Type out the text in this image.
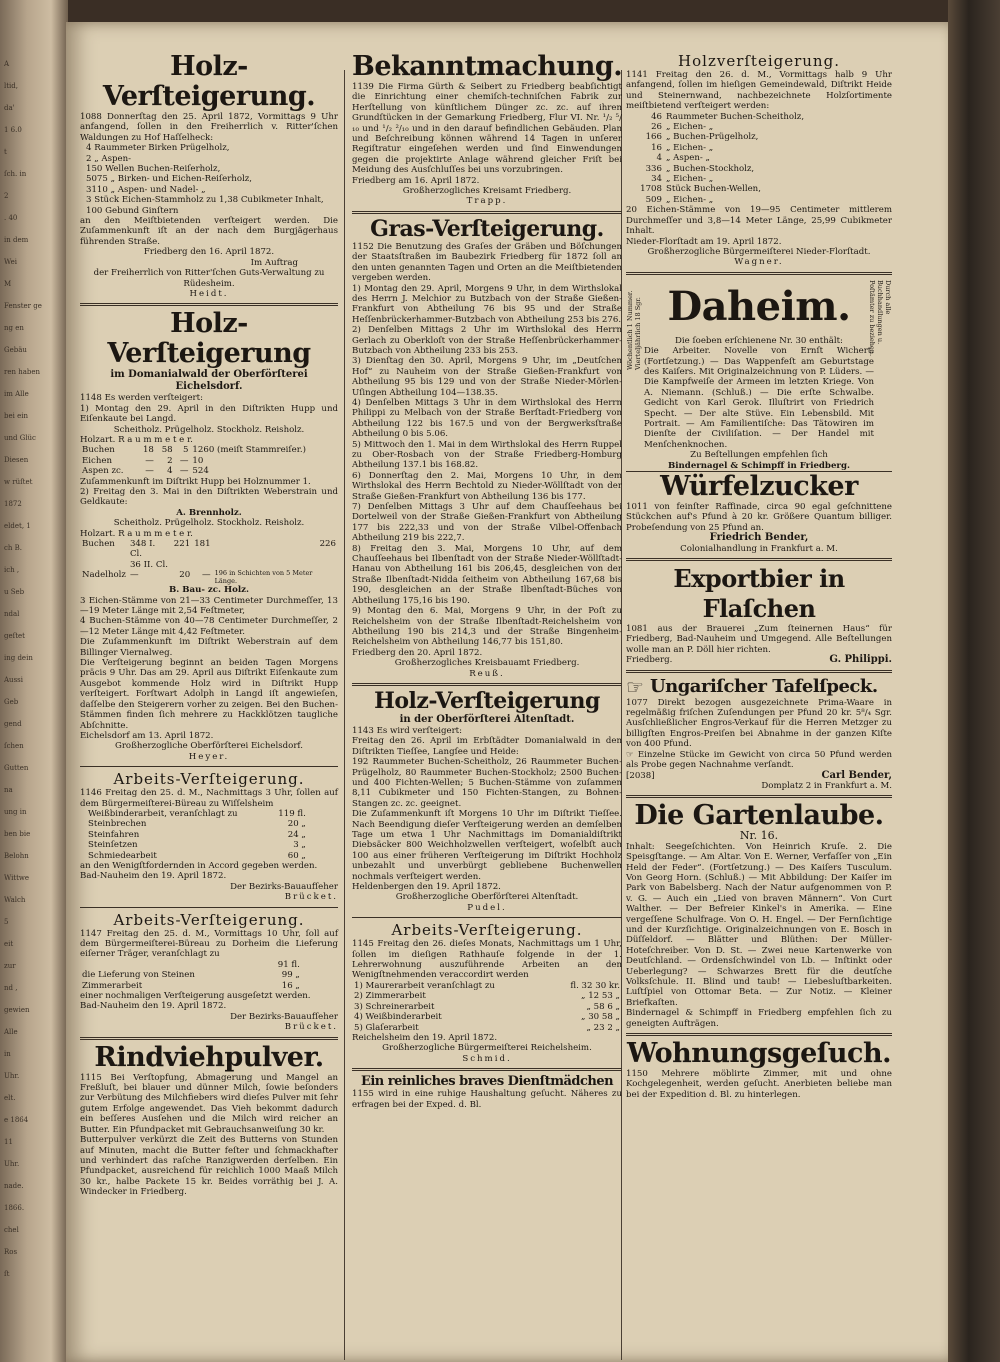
Ä
ltid,
da'
1 6.0
t
ſch. in
2
. 40
in dem
Wei
M
Fenster ge
ng en
Gebäu
ren haben
im Alle
bei ein
und Glüc
Diesen
w rüſtet
1872
eldet, 1
ch B.
ich ,
u Seb
ndal
geſtet
ing dein
Aussi
Geb
gend
ſchen
Gutten
na
ung in
ben bie
Belohn
Wittwe
Walch
5
eit
zur
nd ,
gewien
Alle
in
Uhr.
elt.
e 1864
11
Uhr.
nade.
1866.
chel
Ros
ſt
Holz-Verſteigerung.

1088 Donnerſtag den 25. April 1872, Vormittags 9 Uhr anfangend, ſollen in den Freiherrlich v. Ritter'ſchen Waldungen zu Hof Haſſelheck:

4 Raummeter Birken Prügelholz,
2 „ Aspen-
150 Wellen Buchen-Reiſerholz,
5075 „ Birken- und Eichen-Reiſerholz,
3110 „ Aspen- und Nadel- „
3 Stück Eichen-Stammholz zu 1,38 Cubikmeter Inhalt,
100 Gebund Ginſtern

an den Meiſtbietenden verſteigert werden. Die Zuſammenkunft iſt an der nach dem Burgjägerhaus führenden Straße.

Friedberg den 16. April 1872.
Im Auftrag
der Freiherrlich von Ritter'ſchen Guts-Verwaltung zu Rüdesheim.
Heidt.
Holz-Verſteigerung
im Domanialwald der Oberförſterei Eichelsdorf.

1148 Es werden verſteigert:

1) Montag den 29. April in den Diſtrikten Hupp und Eiſenkaute bei Langd.

Scheitholz. Prügelholz. Stockholz. Reisholz.
Holzart. R a u m m e t e r.
Buchen	18	58	5	1260 (meiſt Stammreiſer.)
Eichen	—	2	—	10
Aspen zc.	—	4	—	524

Zuſammenkunft im Diſtrikt Hupp bei Holznummer 1.

2) Freitag den 3. Mai in den Diſtrikten Weberstrain und Geldkaute:

A. Brennholz.
Scheitholz. Prügelholz. Stockholz. Reisholz.
Holzart. R a u m m e t e r.
Buchen	348 I. Cl.	221	181	226
	36 II. Cl.			
Nadelholz	—	20	—	196 in Schichten von 5 Meter Länge.
B. Bau- zc. Holz.

3 Eichen-Stämme von 21—33 Centimeter Durchmeſſer, 13—19 Meter Länge mit 2,54 Feſtmeter,

4 Buchen-Stämme von 40—78 Centimeter Durchmeſſer, 2—12 Meter Länge mit 4,42 Feſtmeter.

Die Zuſammenkunft im Diſtrikt Weberstrain auf dem Billinger Viernalweg.

Die Verſteigerung beginnt an beiden Tagen Morgens präcis 9 Uhr. Das am 29. April aus Diſtrikt Eiſenkaute zum Ausgebot kommende Holz wird in Diſtrikt Hupp verſteigert. Forſtwart Adolph in Langd iſt angewieſen, daſſelbe den Steigerern vorher zu zeigen. Bei den Buchen-Stämmen finden ſich mehrere zu Hackklötzen taugliche Abſchnitte.

Eichelsdorf am 13. April 1872.
Großherzogliche Oberförſterei Eichelsdorf.
Heyer.
Arbeits-Verſteigerung.

1146 Freitag den 25. d. M., Nachmittags 3 Uhr, ſollen auf dem Bürgermeiſterei-Büreau zu Wiſſelsheim

Weißbinderarbeit, veranſchlagt zu	119 fl.
Steinbrechen	20 „
Steinfahren	24 „
Steinſetzen	3 „
Schmiedearbeit	60 „

an den Wenigſtfordernden in Accord gegeben werden.

Bad-Nauheim den 19. April 1872.
Der Bezirks-Bauaufſeher
Brücket.
Arbeits-Verſteigerung.

1147 Freitag den 25. d. M., Vormittags 10 Uhr, ſoll auf dem Bürgermeiſterei-Büreau zu Dorheim die Lieferung eiſerner Träger, veranſchlagt zu

	91 fl.
die Lieferung von Steinen	99 „
Zimmerarbeit	16 „

einer nochmaligen Verſteigerung ausgeſetzt werden.

Bad-Nauheim den 19. April 1872.
Der Bezirks-Bauaufſeher
Brücket.
Rindviehpulver.

1115 Bei Verſtopfung, Abmagerung und Mangel an Freßluſt, bei blauer und dünner Milch, ſowie beſonders zur Verbütung des Milchfiebers wird dieſes Pulver mit ſehr gutem Erfolge angewendet. Das Vieh bekommt dadurch ein beſſeres Ausſehen und die Milch wird reicher an Butter. Ein Pfundpacket mit Gebrauchsanweiſung 30 kr.

Butterpulver verkürzt die Zeit des Butterns von Stunden auf Minuten, macht die Butter feſter und ſchmackhafter und verhindert das raſche Ranzigwerden derſelben. Ein Pfundpacket, ausreichend für reichlich 1000 Maaß Milch 30 kr., halbe Packete 15 kr. Beides vorräthig bei J. A. Windecker in Friedberg.

Bekanntmachung.

1139 Die Firma Gürth & Seibert zu Friedberg beabſichtigt die Einrichtung einer chemiſch-techniſchen Fabrik zur Herſtellung von künſtlichem Dünger zc. zc. auf ihren Grundſtücken in der Gemarkung Friedberg, Flur VI. Nr. ¹/₂ ⁵/₁₀ und ¹/₂ ²/₁₀ und in den darauf befindlichen Gebäuden. Plan und Beſchreibung können während 14 Tagen in unſerer Regiſtratur eingeſehen werden und ſind Einwendungen gegen die projektirte Anlage während gleicher Friſt bei Meidung des Ausſchluſſes bei uns vorzubringen.

Friedberg am 16. April 1872.
Großherzogliches Kreisamt Friedberg.
Trapp.
Gras-Verſteigerung.

1152 Die Benutzung des Graſes der Gräben und Böſchungen der Staatsſtraßen im Baubezirk Friedberg für 1872 ſoll an den unten genannten Tagen und Orten an die Meiſtbietenden vergeben werden.

1) Montag den 29. April, Morgens 9 Uhr, in dem Wirthslokal des Herrn J. Melchior zu Butzbach von der Straße Gießen-Frankfurt von Abtheilung 76 bis 95 und der Straße Heſſenbrückerhammer-Butzbach von Abtheilung 253 bis 276.

2) Denſelben Mittags 2 Uhr im Wirthslokal des Herrn Gerlach zu Oberkloſt von der Straße Heſſenbrückerhammer-Butzbach von Abtheilung 233 bis 253.

3) Dienſtag den 30. April, Morgens 9 Uhr, im „Deutſchen Hof“ zu Nauheim von der Straße Gießen-Frankfurt von Abtheilung 95 bis 129 und von der Straße Nieder-Mörlen-Uſingen Abtheilung 104—138.35.

4) Denſelben Mittags 3 Uhr in dem Wirthslokal des Herrn Philippi zu Melbach von der Straße Berſtadt-Friedberg von Abtheilung 122 bis 167.5 und von der Bergwerksſtraße Abtheilung 0 bis 5.06.

5) Mittwoch den 1. Mai in dem Wirthslokal des Herrn Ruppel zu Ober-Rosbach von der Straße Friedberg-Homburg Abtheilung 137.1 bis 168.82.

6) Donnerſtag den 2. Mai, Morgens 10 Uhr, in dem Wirthslokal des Herrn Bechtold zu Nieder-Wöllſtadt von der Straße Gießen-Frankfurt von Abtheilung 136 bis 177.

7) Denſelben Mittags 3 Uhr auf dem Chauſſeehaus bei Dortelweil von der Straße Gießen-Frankfurt von Abtheilung 177 bis 222,33 und von der Straße Vilbel-Offenbach Abtheilung 219 bis 222,7.

8) Freitag den 3. Mai, Morgens 10 Uhr, auf dem Chauſſeehaus bei Ilbenſtadt von der Straße Nieder-Wöllſtadt-Hanau von Abtheilung 161 bis 206,45, desgleichen von der Straße Ilbenſtadt-Nidda ſeitheim von Abtheilung 167,68 bis 190, desgleichen an der Straße Ilbenſtadt-Büches von Abtheilung 175,16 bis 190.

9) Montag den 6. Mai, Morgens 9 Uhr, in der Poſt zu Reichelsheim von der Straße Ilbenſtadt-Reichelsheim von Abtheilung 190 bis 214,3 und der Straße Bingenheim-Reichelsheim von Abtheilung 146,77 bis 151,80.

Friedberg den 20. April 1872.
Großherzogliches Kreisbauamt Friedberg.
Reuß.
Holz-Verſteigerung
in der Oberförſterei Altenſtadt.

1143 Es wird verſteigert:

Freitag den 26. April im Erbſtädter Domanialwald in den Diſtrikten Tieſſee, Langſee und Heide:

192 Raummeter Buchen-Scheitholz, 26 Raummeter Buchen-Prügelholz, 80 Raummeter Buchen-Stockholz; 2500 Buchen- und 400 Fichten-Wellen; 5 Buchen-Stämme von zuſammen 8,11 Cubikmeter und 150 Fichten-Stangen, zu Bohnen-Stangen zc. zc. geeignet.

Die Zuſammenkunft iſt Morgens 10 Uhr im Diſtrikt Tieſſee. Nach Beendigung dieſer Verſteigerung werden an demſelben Tage um etwa 1 Uhr Nachmittags im Domanialdiſtrikt Diebsäcker 800 Weichholzwellen verſteigert, woſelbſt auch 100 aus einer früheren Verſteigerung im Diſtrikt Hochholz unbezahlt und unverbürgt gebliebene Buchenwellen nochmals verſteigert werden.

Heldenbergen den 19. April 1872.
Großherzogliche Oberförſterei Altenſtadt.
Pudel.
Arbeits-Verſteigerung.

1145 Freitag den 26. dieſes Monats, Nachmittags um 1 Uhr, ſollen im dieſigen Rathhauſe folgende in der 1. Lehrerwohnung auszuführende Arbeiten an den Wenigſtnehmenden veraccordirt werden

1) Maurerarbeit veranſchlagt zu	fl. 32 30 kr.
2) Zimmerarbeit	„ 12 53 „
3) Schreinerarbeit	„ 58 6 „
4) Weißbinderarbeit	„ 30 58 „
5) Glaſerarbeit	„ 23 2 „
Reichelsheim den 19. April 1872.
Großherzogliche Bürgermeiſterei Reichelsheim.
Schmid.
Ein reinliches braves Dienſtmädchen

1155 wird in eine ruhige Haushaltung geſucht. Näheres zu erfragen bei der Exped. d. Bl.

Holzverſteigerung.

1141 Freitag den 26. d. M., Vormittags halb 9 Uhr anfangend, ſollen im hieſigen Gemeindewald, Diſtrikt Heide und Steinernwand, nachbezeichnete Holzſortimente meiſtbietend verſteigert werden:

46	Raummeter Buchen-Scheitholz,
26	„ Eichen- „
166	„ Buchen-Prügelholz,
16	„ Eichen- „
4	„ Aspen- „
336	„ Buchen-Stockholz,
34	„ Eichen- „
1708	Stück Buchen-Wellen,
509	„ Eichen- „

20 Eichen-Stämme von 19—95 Centimeter mittlerem Durchmeſſer und 3,8—14 Meter Länge, 25,99 Cubikmeter Inhalt.

Nieder-Florſtadt am 19. April 1872.
Großherzogliche Bürgermeiſterei Nieder-Florſtadt.
Wagner.
Wöchentlich 1 Nummer. Vierteljährlich 18 Sgr.
Durch alle Buchhandlungen u. Poſtämter zu beziehen.
Daheim.
Die ſoeben erſchienene Nr. 30 enthält:

Die Arbeiter. Novelle von Ernſt Wichert. (Fortſetzung.) — Das Wappenfeſt am Geburtstage des Kaiſers. Mit Originalzeichnung von P. Lüders. — Die Kampfweiſe der Armeen im letzten Kriege. Von A. Niemann. (Schluß.) — Die erſte Schwalbe. Gedicht von Karl Gerok. Illuſtrirt von Friedrich Specht. — Der alte Stüve. Ein Lebensbild. Mit Portrait. — Am Familientiſche: Das Tätowiren im Dienſte der Civiliſation. — Der Handel mit Menſchenknochen.

Zu Beſtellungen empfehlen ſich
Bindernagel & Schimpff in Friedberg.
Würfelzucker

1011 von feinſter Raffinade, circa 90 egal geſchnittene Stückchen auf's Pfund à 20 kr. Größere Quantum billiger. Probeſendung von 25 Pfund an.

Friedrich Bender,
Colonialhandlung in Frankfurt a. M.
Exportbier in Flaſchen

1081 aus der Brauerei „Zum ſteinernen Haus“ für Friedberg, Bad-Nauheim und Umgegend. Alle Beſtellungen wolle man an P. Döll hier richten.

Friedberg.	G. Philippi.
☞ Ungariſcher Tafelſpeck.

1077 Direkt bezogen ausgezeichnete Prima-Waare in regelmäßig friſchen Zuſendungen per Pfund 20 kr. 5⁸/₄ Sgr. Ausſchließlicher Engros-Verkauf für die Herren Metzger zu billigſten Engros-Preiſen bei Abnahme in der ganzen Kiſte von 400 Pfund.

☞ Einzelne Stücke im Gewicht von circa 50 Pfund werden als Probe gegen Nachnahme verſandt.

[2038]	Carl Bender,
Domplatz 2 in Frankfurt a. M.
Die Gartenlaube.
Nr. 16.

Inhalt: Seegeſchichten. Von Heinrich Kruſe. 2. Die Speisgſtange. — Am Altar. Von E. Werner, Verfaſſer von „Ein Held der Feder“. (Fortſetzung.) — Des Kaiſers Tusculum. Von Georg Horn. (Schluß.) — Mit Abbildung: Der Kaiſer im Park von Babelsberg. Nach der Natur aufgenommen von P. v. G. — Auch ein „Lied von braven Männern“. Von Curt Walther. — Der Befreier Kinkel's in Amerika. — Eine vergeſſene Schulfrage. Von O. H. Engel. — Der Fernſichtige und der Kurzſichtige. Originalzeichnungen von E. Bosch in Düſſeldorf. — Blätter und Blüthen: Der Müller-Hoteſchreiber. Von D. St. — Zwei neue Kartenwerke von Deutſchland. — Ordensſchwindel von Lb. — Inſtinkt oder Ueberlegung? — Schwarzes Brett für die deutſche Volksſchule. II. Blind und taub! — Liebesluſtbarkeiten. Luſtſpiel von Ottomar Beta. — Zur Notiz. — Kleiner Briefkaſten.

Bindernagel & Schimpff in Friedberg empfehlen ſich zu geneigten Aufträgen.

Wohnungsgeſuch.

1150 Mehrere möblirte Zimmer, mit und ohne Kochgelegenheit, werden geſucht. Anerbieten beliebe man bei der Expedition d. Bl. zu hinterlegen.
